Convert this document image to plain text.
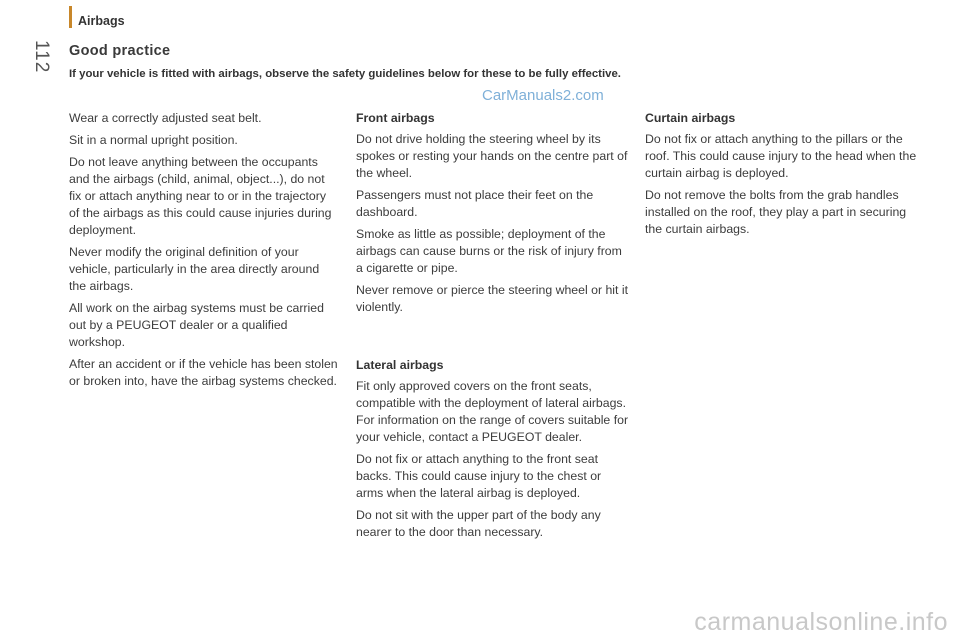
Airbags
112 Good practice
If your vehicle is fitted with airbags, observe the safety guidelines below for these to be fully effective.
CarManuals2.com

Wear a correctly adjusted seat belt.

Sit in a normal upright position.

Do not leave anything between the occupants and the airbags (child, animal, object...), do not fix or attach anything near to or in the trajectory of the airbags as this could cause injuries during deployment.

Never modify the original definition of your vehicle, particularly in the area directly around the airbags.

All work on the airbag systems must be carried out by a PEUGEOT dealer or a qualified workshop.

After an accident or if the vehicle has been stolen or broken into, have the airbag systems checked.

Front airbags

Do not drive holding the steering wheel by its spokes or resting your hands on the centre part of the wheel.

Passengers must not place their feet on the dashboard.

Smoke as little as possible; deployment of the airbags can cause burns or the risk of injury from a cigarette or pipe.

Never remove or pierce the steering wheel or hit it violently.

Lateral airbags

Fit only approved covers on the front seats, compatible with the deployment of lateral airbags. For information on the range of covers suitable for your vehicle, contact a PEUGEOT dealer.

Do not fix or attach anything to the front seat backs. This could cause injury to the chest or arms when the lateral airbag is deployed.

Do not sit with the upper part of the body any nearer to the door than necessary.

Curtain airbags

Do not fix or attach anything to the pillars or the roof. This could cause injury to the head when the curtain airbag is deployed.

Do not remove the bolts from the grab handles installed on the roof, they play a part in securing the curtain airbags.

carmanualsonline.info
